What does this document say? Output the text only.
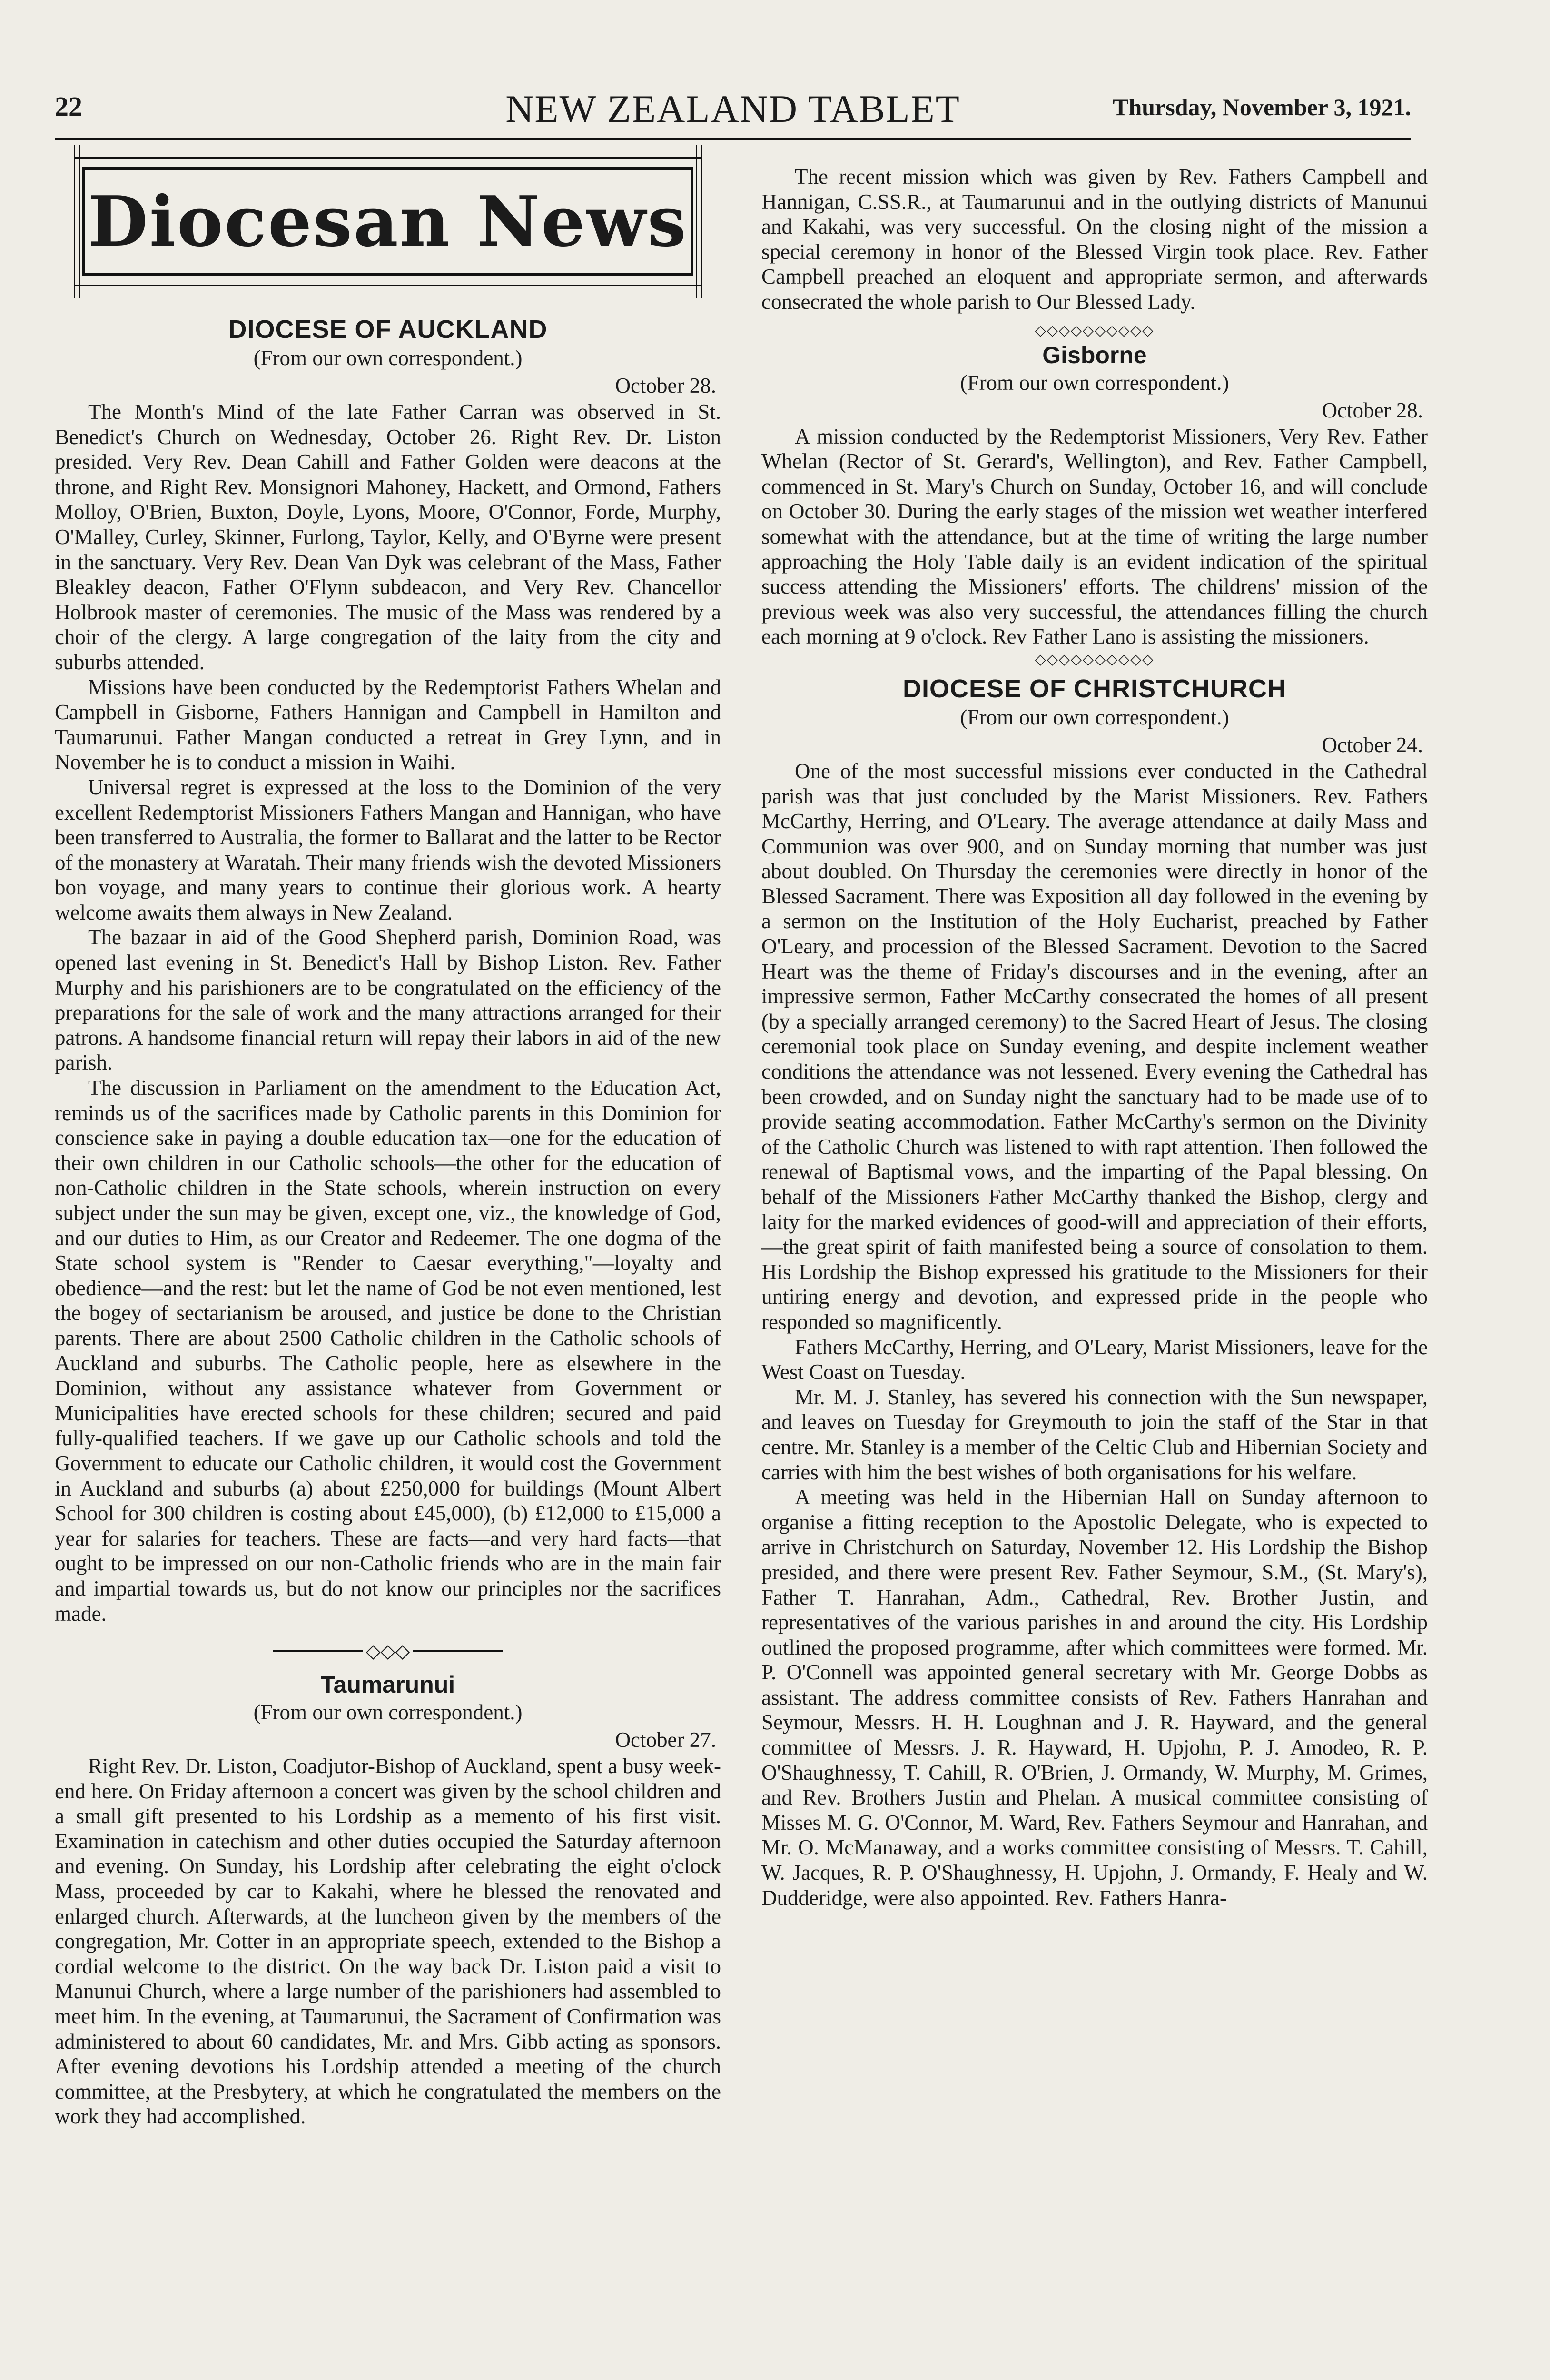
22	NEW ZEALAND TABLET	Thursday, November 3, 1921.
Diocesan News
DIOCESE OF AUCKLAND

(From our own correspondent.)

October 28.

The Month's Mind of the late Father Carran was observed in St. Benedict's Church on Wednesday, October 26. Right Rev. Dr. Liston presided. Very Rev. Dean Cahill and Father Golden were deacons at the throne, and Right Rev. Monsignori Mahoney, Hackett, and Ormond, Fathers Molloy, O'Brien, Buxton, Doyle, Lyons, Moore, O'Connor, Forde, Murphy, O'Malley, Curley, Skinner, Furlong, Taylor, Kelly, and O'Byrne were present in the sanctuary. Very Rev. Dean Van Dyk was celebrant of the Mass, Father Bleakley deacon, Father O'Flynn subdeacon, and Very Rev. Chancellor Holbrook master of ceremonies. The music of the Mass was rendered by a choir of the clergy. A large congregation of the laity from the city and suburbs attended.

Missions have been conducted by the Redemptorist Fathers Whelan and Campbell in Gisborne, Fathers Hannigan and Campbell in Hamilton and Taumarunui. Father Mangan conducted a retreat in Grey Lynn, and in November he is to conduct a mission in Waihi.

Universal regret is expressed at the loss to the Dominion of the very excellent Redemptorist Missioners Fathers Mangan and Hannigan, who have been transferred to Australia, the former to Ballarat and the latter to be Rector of the monastery at Waratah. Their many friends wish the devoted Missioners bon voyage, and many years to continue their glorious work. A hearty welcome awaits them always in New Zealand.

The bazaar in aid of the Good Shepherd parish, Dominion Road, was opened last evening in St. Benedict's Hall by Bishop Liston. Rev. Father Murphy and his parishioners are to be congratulated on the efficiency of the preparations for the sale of work and the many attractions arranged for their patrons. A handsome financial return will repay their labors in aid of the new parish.

The discussion in Parliament on the amendment to the Education Act, reminds us of the sacrifices made by Catholic parents in this Dominion for conscience sake in paying a double education tax—one for the education of their own children in our Catholic schools—the other for the education of non-Catholic children in the State schools, wherein instruction on every subject under the sun may be given, except one, viz., the knowledge of God, and our duties to Him, as our Creator and Redeemer. The one dogma of the State school system is "Render to Caesar everything,"—loyalty and obedience—and the rest: but let the name of God be not even mentioned, lest the bogey of sectarianism be aroused, and justice be done to the Christian parents. There are about 2500 Catholic children in the Catholic schools of Auckland and suburbs. The Catholic people, here as elsewhere in the Dominion, without any assistance whatever from Government or Municipalities have erected schools for these children; secured and paid fully-qualified teachers. If we gave up our Catholic schools and told the Government to educate our Catholic children, it would cost the Government in Auckland and suburbs (a) about £250,000 for buildings (Mount Albert School for 300 children is costing about £45,000), (b) £12,000 to £15,000 a year for salaries for teachers. These are facts—and very hard facts—that ought to be impressed on our non-Catholic friends who are in the main fair and impartial towards us, but do not know our principles nor the sacrifices made.

◇◇◇
Taumarunui

(From our own correspondent.)

October 27.

Right Rev. Dr. Liston, Coadjutor-Bishop of Auckland, spent a busy week-end here. On Friday afternoon a concert was given by the school children and a small gift presented to his Lordship as a memento of his first visit. Examination in catechism and other duties occupied the Saturday afternoon and evening. On Sunday, his Lordship after celebrating the eight o'clock Mass, proceeded by car to Kakahi, where he blessed the renovated and enlarged church. Afterwards, at the luncheon given by the members of the congregation, Mr. Cotter in an appropriate speech, extended to the Bishop a cordial welcome to the district. On the way back Dr. Liston paid a visit to Manunui Church, where a large number of the parishioners had assembled to meet him. In the evening, at Taumarunui, the Sacrament of Confirmation was administered to about 60 candidates, Mr. and Mrs. Gibb acting as sponsors. After evening devotions his Lordship attended a meeting of the church committee, at the Presbytery, at which he congratulated the members on the work they had accomplished.

The recent mission which was given by Rev. Fathers Campbell and Hannigan, C.SS.R., at Taumarunui and in the outlying districts of Manunui and Kakahi, was very successful. On the closing night of the mission a special ceremony in honor of the Blessed Virgin took place. Rev. Father Campbell preached an eloquent and appropriate sermon, and afterwards consecrated the whole parish to Our Blessed Lady.

◇◇◇◇◇◇◇◇◇◇
Gisborne

(From our own correspondent.)

October 28.

A mission conducted by the Redemptorist Missioners, Very Rev. Father Whelan (Rector of St. Gerard's, Wellington), and Rev. Father Campbell, commenced in St. Mary's Church on Sunday, October 16, and will conclude on October 30. During the early stages of the mission wet weather interfered somewhat with the attendance, but at the time of writing the large number approaching the Holy Table daily is an evident indication of the spiritual success attending the Missioners' efforts. The childrens' mission of the previous week was also very successful, the attendances filling the church each morning at 9 o'clock. Rev Father Lano is assisting the missioners.

◇◇◇◇◇◇◇◇◇◇
DIOCESE OF CHRISTCHURCH

(From our own correspondent.)

October 24.

One of the most successful missions ever conducted in the Cathedral parish was that just concluded by the Marist Missioners. Rev. Fathers McCarthy, Herring, and O'Leary. The average attendance at daily Mass and Communion was over 900, and on Sunday morning that number was just about doubled. On Thursday the ceremonies were directly in honor of the Blessed Sacrament. There was Exposition all day followed in the evening by a sermon on the Institution of the Holy Eucharist, preached by Father O'Leary, and procession of the Blessed Sacrament. Devotion to the Sacred Heart was the theme of Friday's discourses and in the evening, after an impressive sermon, Father McCarthy consecrated the homes of all present (by a specially arranged ceremony) to the Sacred Heart of Jesus. The closing ceremonial took place on Sunday evening, and despite inclement weather conditions the attendance was not lessened. Every evening the Cathedral has been crowded, and on Sunday night the sanctuary had to be made use of to provide seating accommodation. Father McCarthy's sermon on the Divinity of the Catholic Church was listened to with rapt attention. Then followed the renewal of Baptismal vows, and the imparting of the Papal blessing. On behalf of the Missioners Father McCarthy thanked the Bishop, clergy and laity for the marked evidences of good-will and appreciation of their efforts,—the great spirit of faith manifested being a source of consolation to them. His Lordship the Bishop expressed his gratitude to the Missioners for their untiring energy and devotion, and expressed pride in the people who responded so magnificently.

Fathers McCarthy, Herring, and O'Leary, Marist Missioners, leave for the West Coast on Tuesday.

Mr. M. J. Stanley, has severed his connection with the Sun newspaper, and leaves on Tuesday for Greymouth to join the staff of the Star in that centre. Mr. Stanley is a member of the Celtic Club and Hibernian Society and carries with him the best wishes of both organisations for his welfare.

A meeting was held in the Hibernian Hall on Sunday afternoon to organise a fitting reception to the Apostolic Delegate, who is expected to arrive in Christchurch on Saturday, November 12. His Lordship the Bishop presided, and there were present Rev. Father Seymour, S.M., (St. Mary's), Father T. Hanrahan, Adm., Cathedral, Rev. Brother Justin, and representatives of the various parishes in and around the city. His Lordship outlined the proposed programme, after which committees were formed. Mr. P. O'Connell was appointed general secretary with Mr. George Dobbs as assistant. The address committee consists of Rev. Fathers Hanrahan and Seymour, Messrs. H. H. Loughnan and J. R. Hayward, and the general committee of Messrs. J. R. Hayward, H. Upjohn, P. J. Amodeo, R. P. O'Shaughnessy, T. Cahill, R. O'Brien, J. Ormandy, W. Murphy, M. Grimes, and Rev. Brothers Justin and Phelan. A musical committee consisting of Misses M. G. O'Connor, M. Ward, Rev. Fathers Seymour and Hanrahan, and Mr. O. McManaway, and a works committee consisting of Messrs. T. Cahill, W. Jacques, R. P. O'Shaughnessy, H. Upjohn, J. Ormandy, F. Healy and W. Dudderidge, were also appointed. Rev. Fathers Hanra-
